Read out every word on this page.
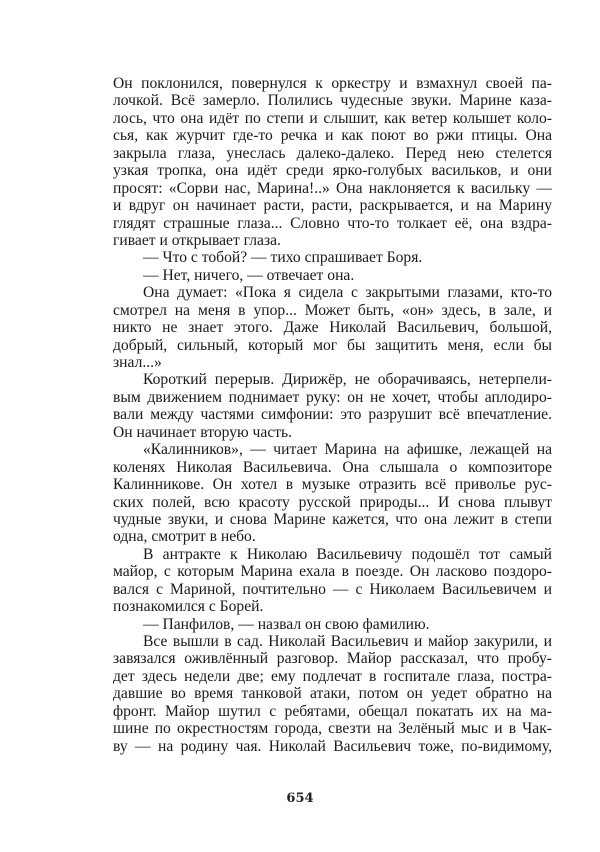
Он поклонился, повернулся к оркестру и взмахнул своей па-
лочкой. Всё замерло. Полились чудесные звуки. Марине каза-
лось, что она идёт по степи и слышит, как ветер колышет коло-
сья, как журчит где-то речка и как поют во ржи птицы. Она
закрыла глаза, унеслась далеко-далеко. Перед нею стелется
узкая тропка, она идёт среди ярко-голубых васильков, и они
просят: «Сорви нас, Марина!..» Она наклоняется к васильку —
и вдруг он начинает расти, расти, раскрывается, и на Марину
глядят страшные глаза... Словно что-то толкает её, она вздра-
гивает и открывает глаза.
— Что с тобой? — тихо спрашивает Боря.
— Нет, ничего, — отвечает она.
Она думает: «Пока я сидела с закрытыми глазами, кто-то
смотрел на меня в упор... Может быть, «он» здесь, в зале, и
никто не знает этого. Даже Николай Васильевич, большой,
добрый, сильный, который мог бы защитить меня, если бы
знал...»
Короткий перерыв. Дирижёр, не оборачиваясь, нетерпели-
вым движением поднимает руку: он не хочет, чтобы аплодиро-
вали между частями симфонии: это разрушит всё впечатление.
Он начинает вторую часть.
«Калинников», — читает Марина на афишке, лежащей на
коленях Николая Васильевича. Она слышала о композиторе
Калинникове. Он хотел в музыке отразить всё приволье рус-
ских полей, всю красоту русской природы... И снова плывут
чудные звуки, и снова Марине кажется, что она лежит в степи
одна, смотрит в небо.
В антракте к Николаю Васильевичу подошёл тот самый
майор, с которым Марина ехала в поезде. Он ласково поздоро-
вался с Мариной, почтительно — с Николаем Васильевичем и
познакомился с Борей.
— Панфилов, — назвал он свою фамилию.
Все вышли в сад. Николай Васильевич и майор закурили, и
завязался оживлённый разговор. Майор рассказал, что пробу-
дет здесь недели две; ему подлечат в госпитале глаза, постра-
давшие во время танковой атаки, потом он уедет обратно на
фронт. Майор шутил с ребятами, обещал покатать их на ма-
шине по окрестностям города, свезти на Зелёный мыс и в Чак-
ву — на родину чая. Николай Васильевич тоже, по-видимому,
654
